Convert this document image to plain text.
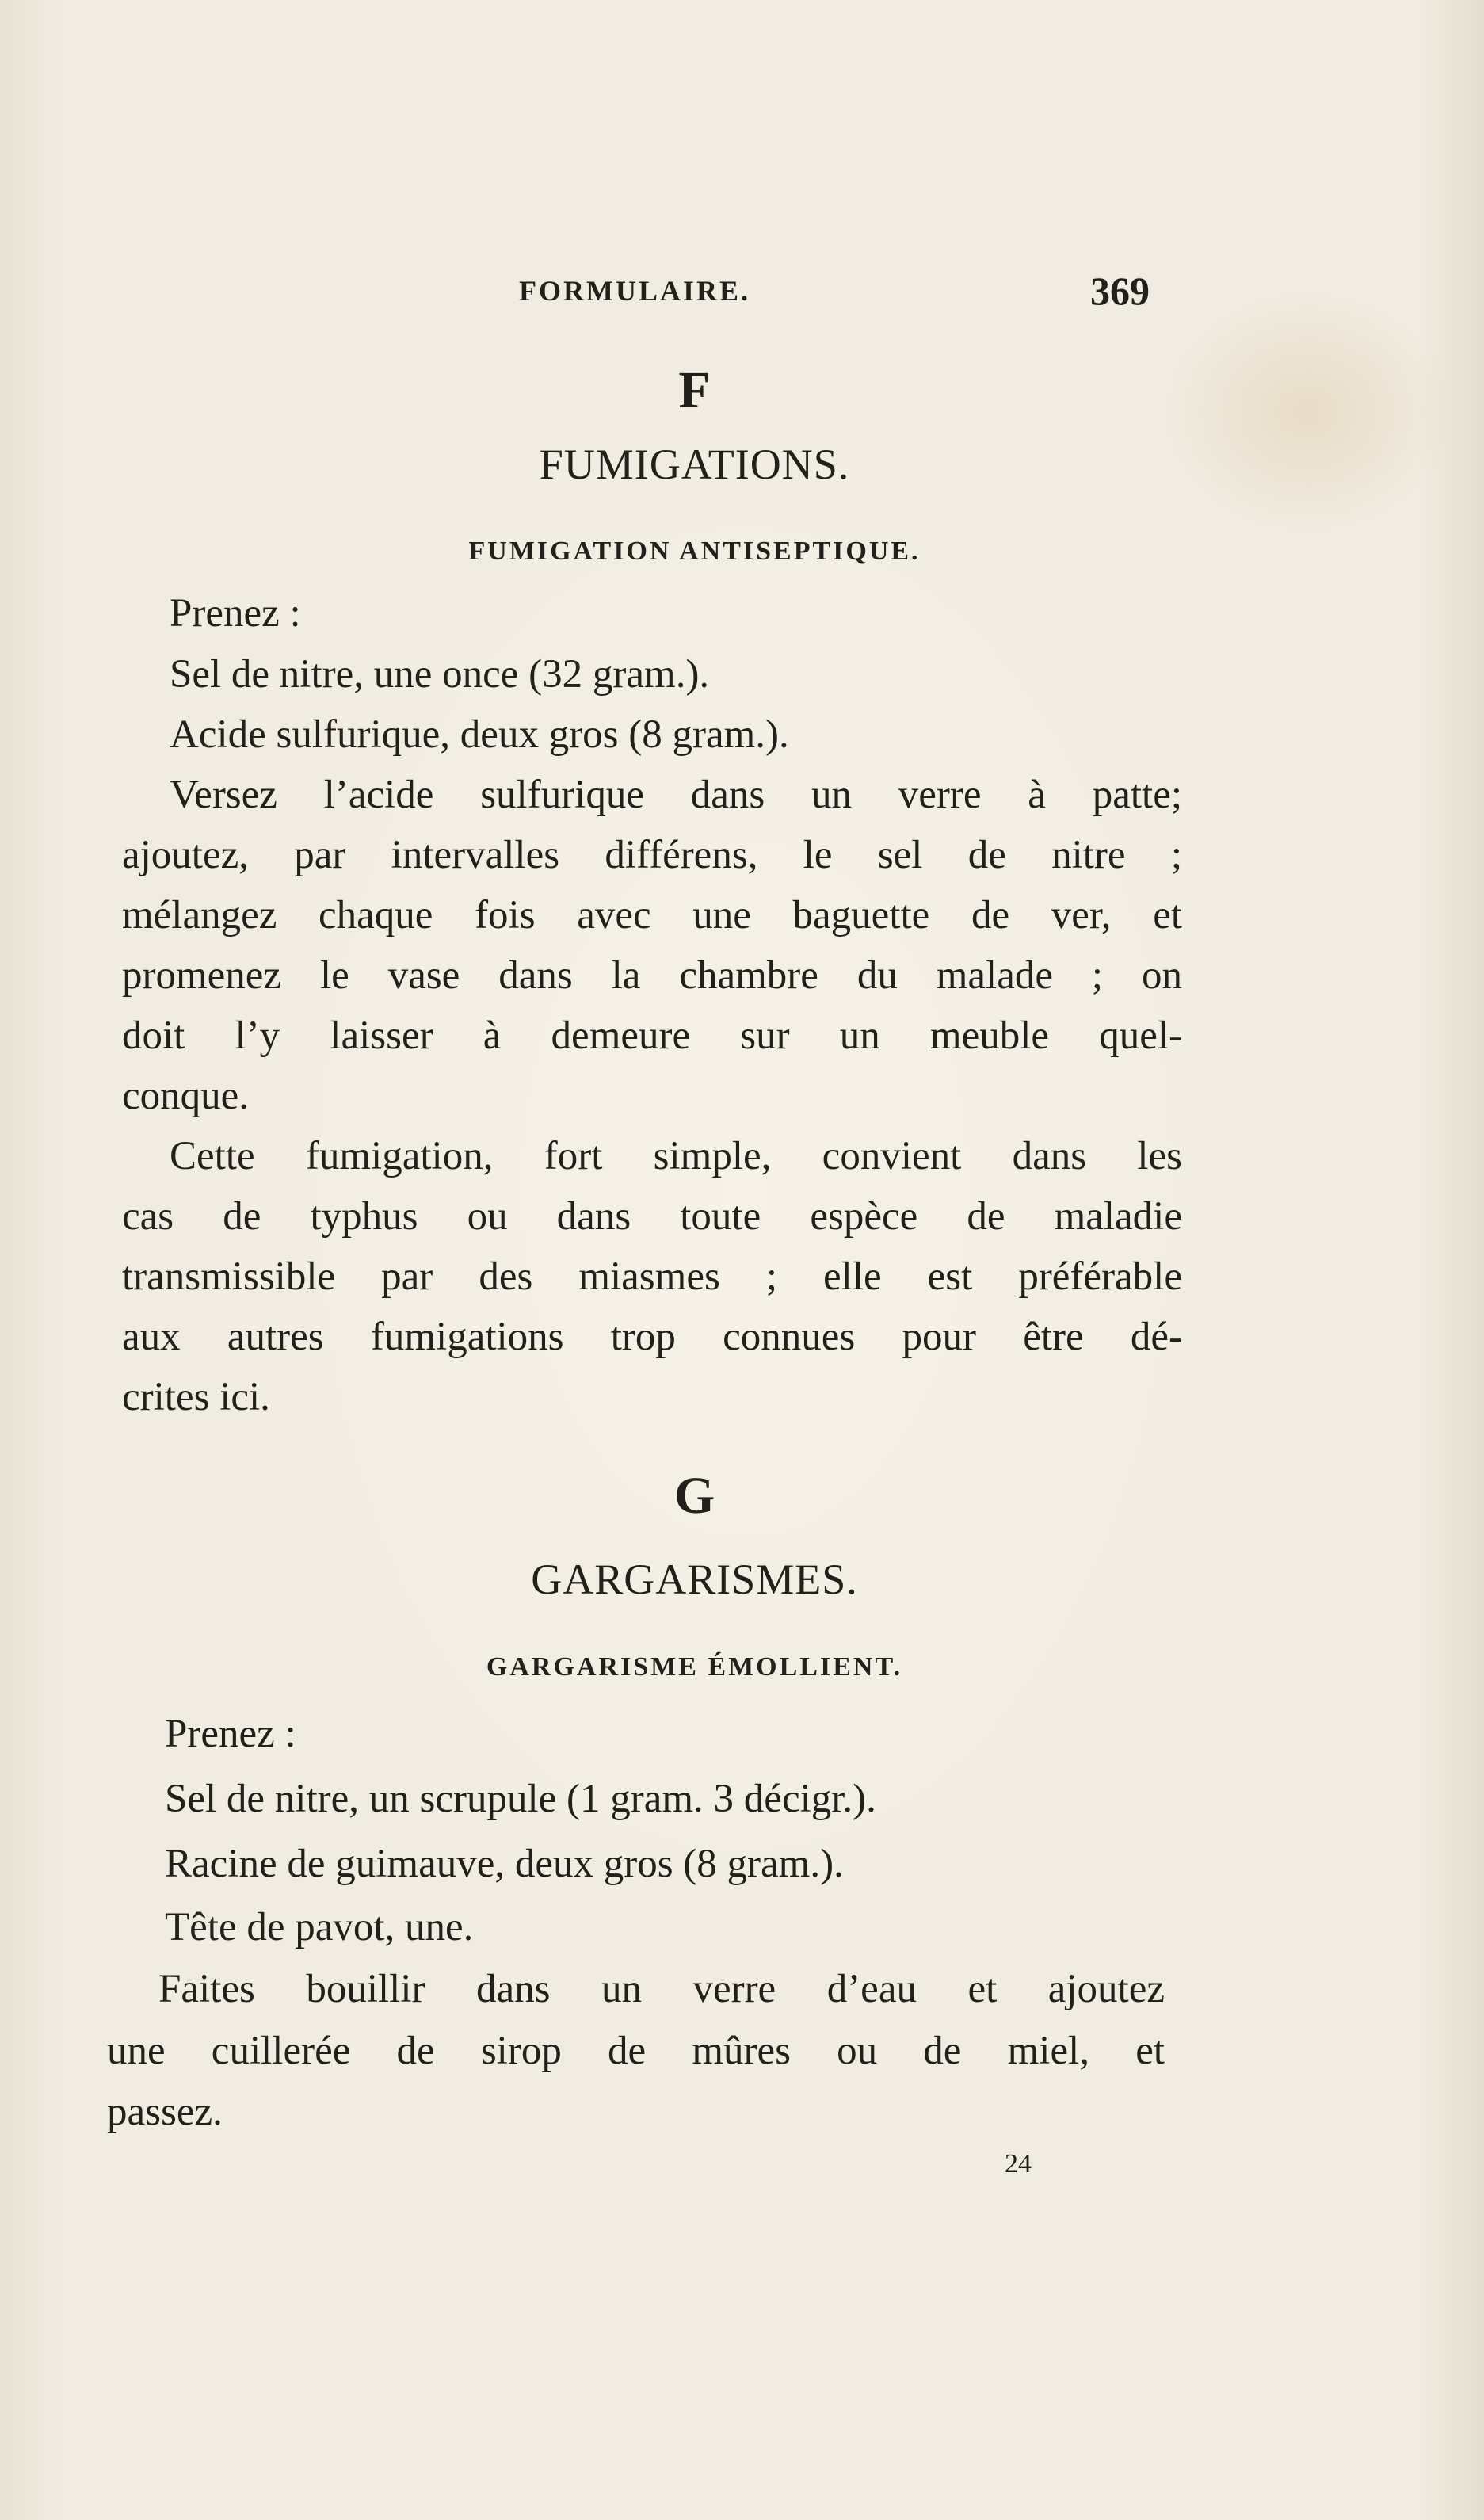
FORMULAIRE.	369
F
FUMIGATIONS.
FUMIGATION ANTISEPTIQUE.
Prenez :
Sel de nitre, une once (32 gram.).
Acide sulfurique, deux gros (8 gram.).
Versez l’acide sulfurique dans un verre à patte;
ajoutez, par intervalles différens, le sel de nitre ;
mélangez chaque fois avec une baguette de ver, et
promenez le vase dans la chambre du malade ; on
doit l’y laisser à demeure sur un meuble quel-
conque.
Cette fumigation, fort simple, convient dans les
cas de typhus ou dans toute espèce de maladie
transmissible par des miasmes ; elle est préférable
aux autres fumigations trop connues pour être dé-
crites ici.
G
GARGARISMES.
GARGARISME ÉMOLLIENT.
Prenez :
Sel de nitre, un scrupule (1 gram. 3 décigr.).
Racine de guimauve, deux gros (8 gram.).
Tête de pavot, une.
Faites bouillir dans un verre d’eau et ajoutez
une cuillerée de sirop de mûres ou de miel, et
passez.
24
